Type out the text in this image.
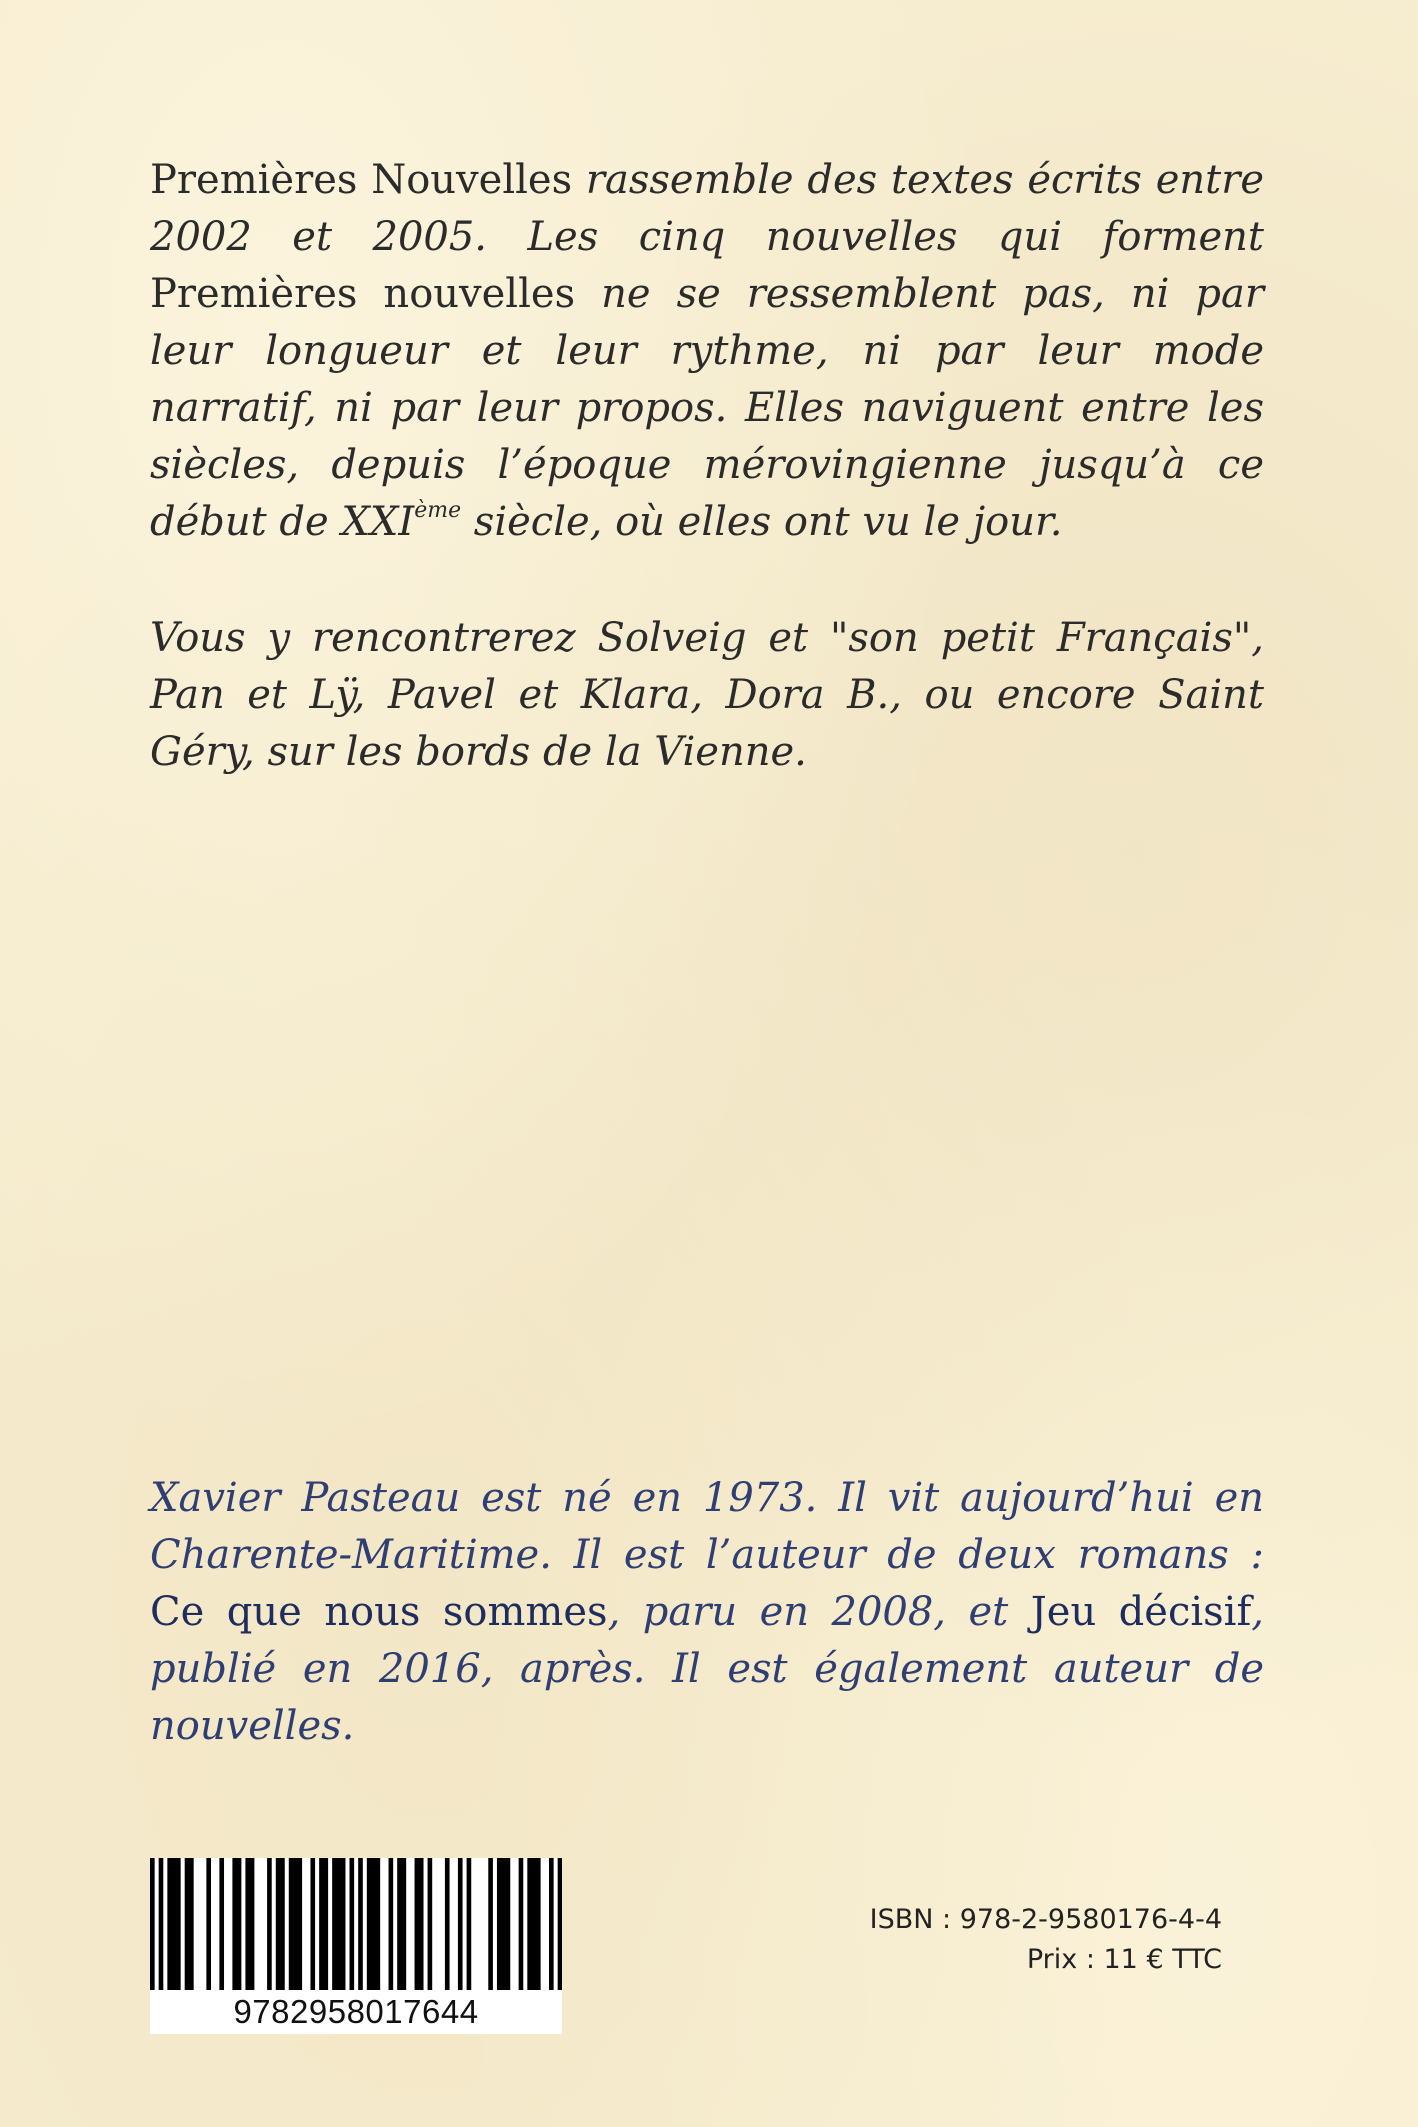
Premières Nouvelles rassemble des textes écrits entre 2002 et 2005. Les cinq nouvelles qui forment Premières nouvelles ne se ressemblent pas, ni par leur longueur et leur rythme, ni par leur mode narratif, ni par leur propos. Elles naviguent entre les siècles, depuis l’époque mérovingienne jusqu’à ce début de XXIème siècle, où elles ont vu le jour.

Vous y rencontrerez Solveig et "son petit Français", Pan et Lÿ, Pavel et Klara, Dora B., ou encore Saint Géry, sur les bords de la Vienne.

Xavier Pasteau est né en 1973. Il vit aujourd’hui en Charente-Maritime. Il est l’auteur de deux romans : Ce que nous sommes, paru en 2008, et Jeu décisif, publié en 2016, après. Il est également auteur de nouvelles.

9782958017644
ISBN : 978-2-9580176-4-4
Prix : 11 € TTC
